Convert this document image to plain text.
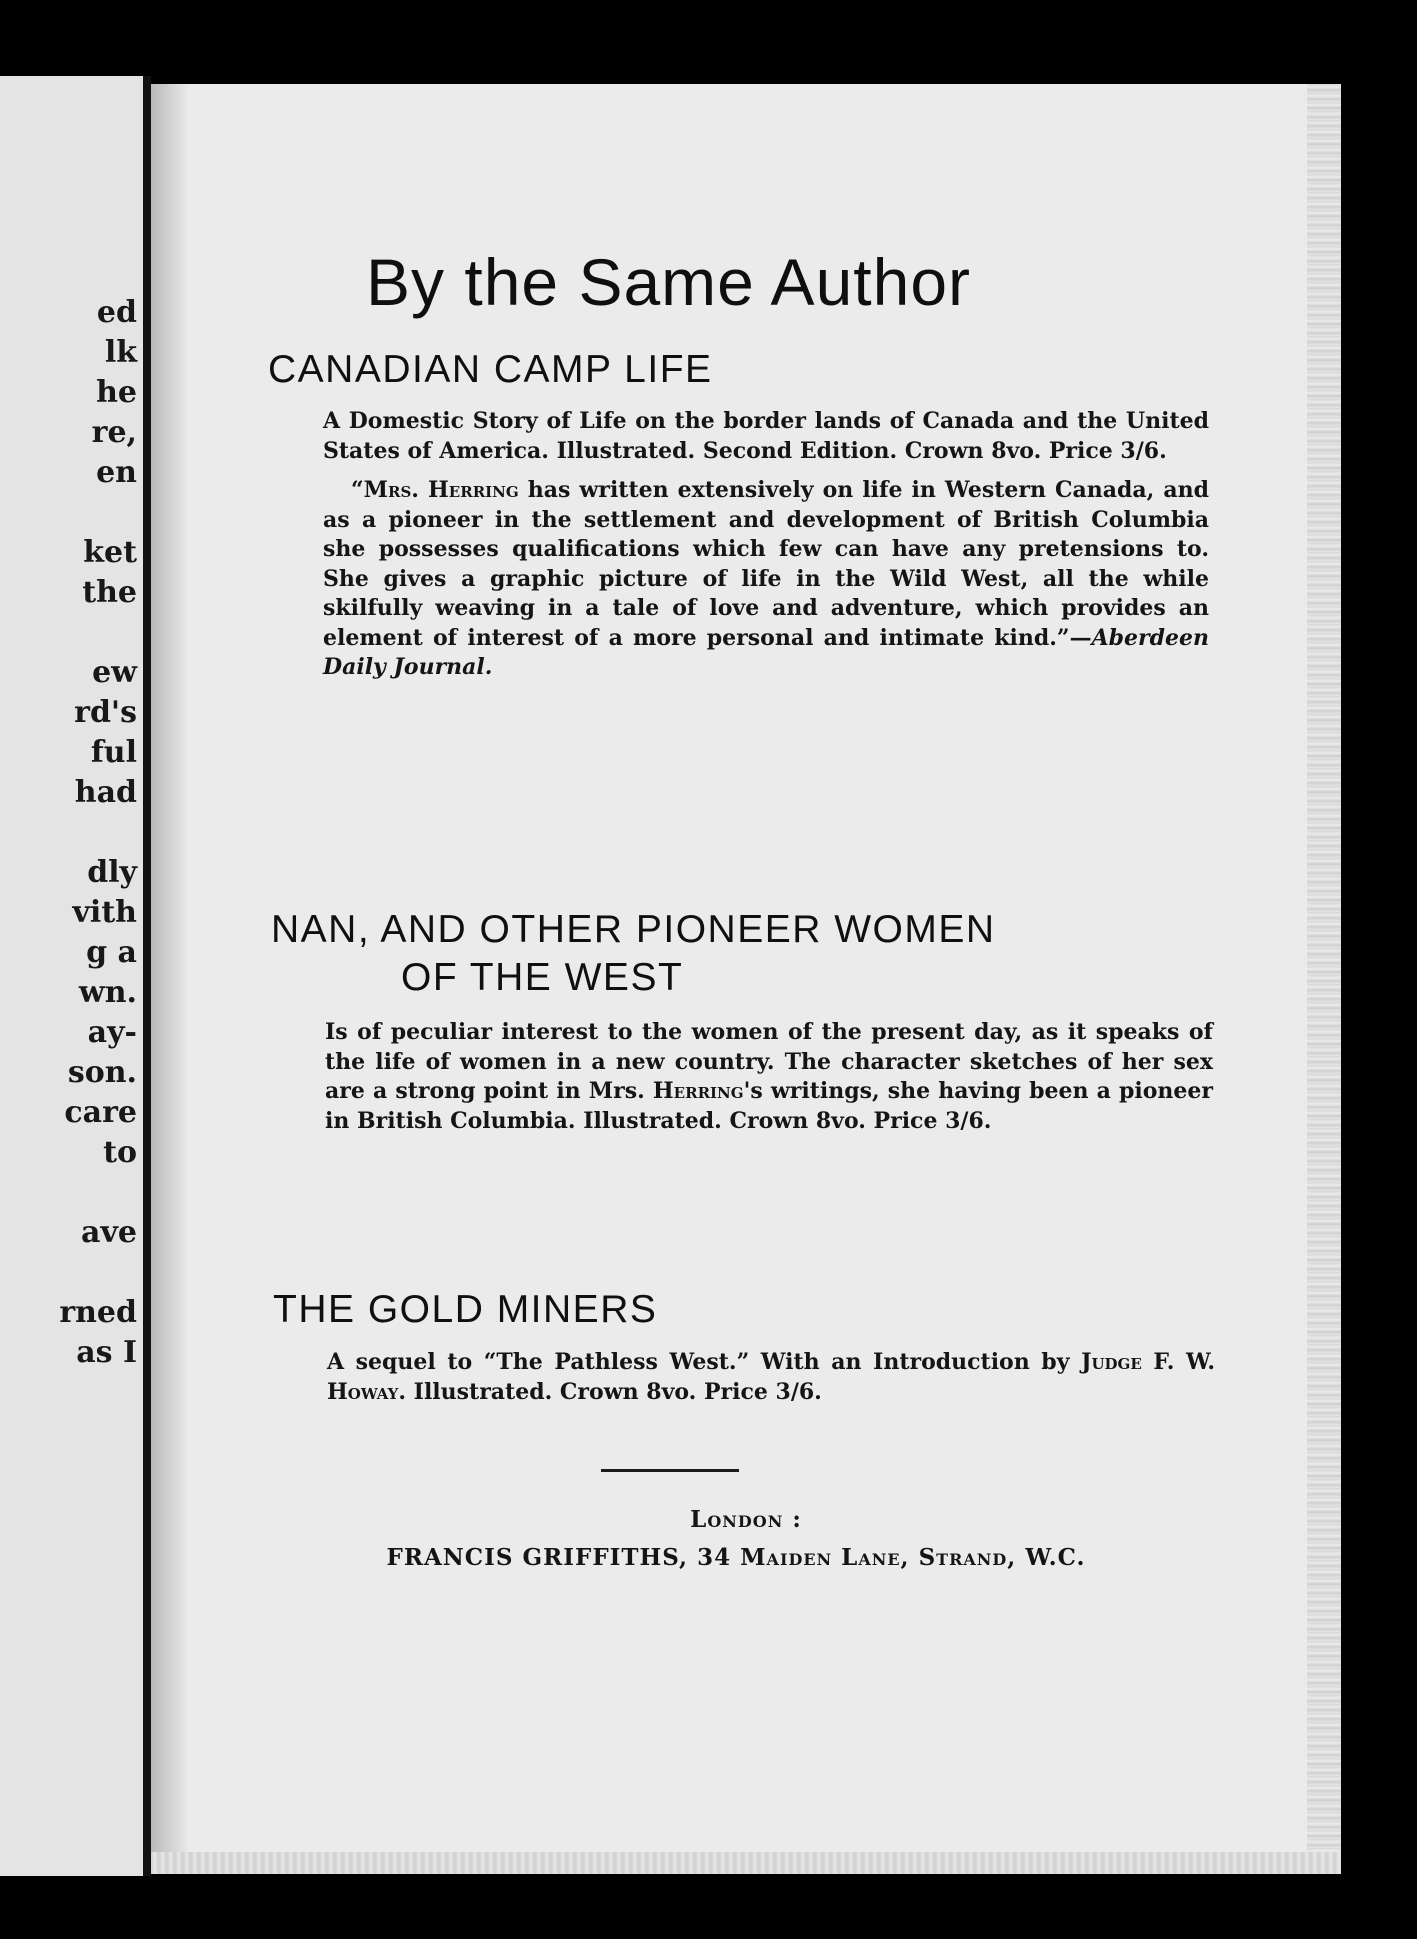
ed
lk
he
re,
en
ket
the
ew
rd's
ful
had
dly
vith
g a
wn.
ay-
son.
care
to
ave
rned
as I
By the Same Author
CANADIAN CAMP LIFE
A Domestic Story of Life on the border lands of Canada and the United States of America. Illustrated. Second Edition. Crown 8vo. Price 3/6.
“Mrs. Herring has written extensively on life in Western Canada, and as a pioneer in the settlement and development of British Columbia she possesses qualifications which few can have any pretensions to. She gives a graphic picture of life in the Wild West, all the while skilfully weaving in a tale of love and adventure, which provides an element of interest of a more personal and intimate kind.”—Aberdeen Daily Journal.
NAN, AND OTHER PIONEER WOMEN
OF THE WEST
Is of peculiar interest to the women of the present day, as it speaks of the life of women in a new country. The character sketches of her sex are a strong point in Mrs. Herring's writings, she having been a pioneer in British Columbia. Illustrated. Crown 8vo. Price 3/6.
THE GOLD MINERS
A sequel to “The Pathless West.” With an Introduction by Judge F. W. Howay. Illustrated. Crown 8vo. Price 3/6.
London :
FRANCIS GRIFFITHS, 34 Maiden Lane, Strand, W.C.
